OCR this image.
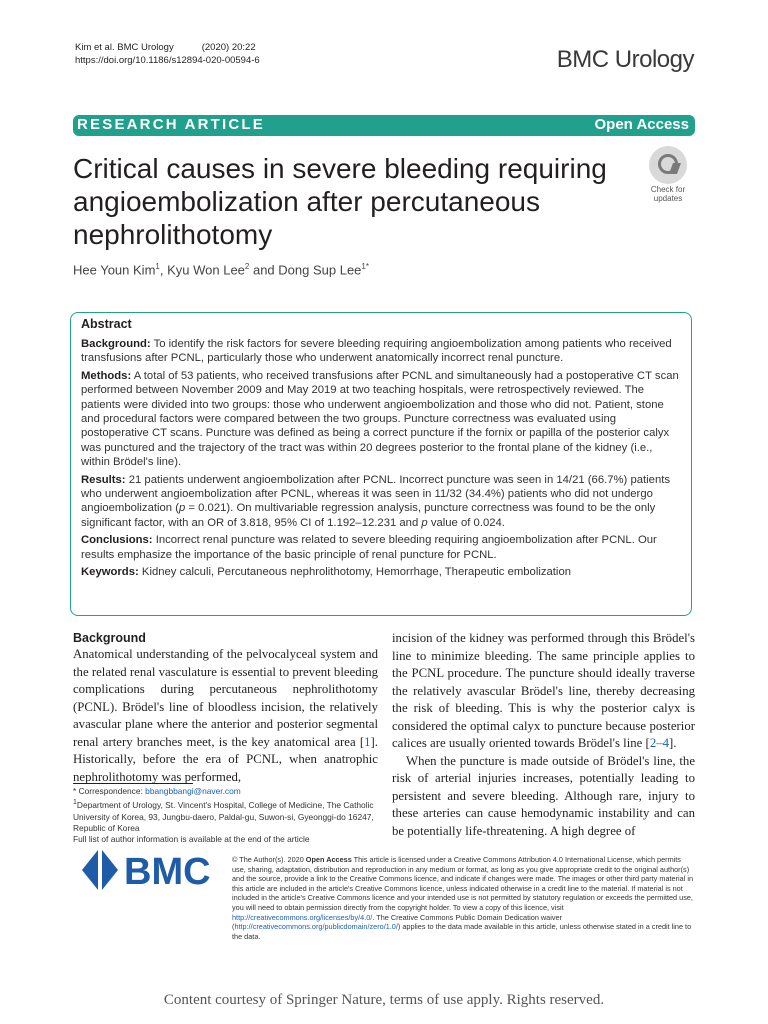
Kim et al. BMC Urology	(2020) 20:22
https://doi.org/10.1186/s12894-020-00594-6	BMC Urology
RESEARCH ARTICLE	Open Access
Critical causes in severe bleeding requiring angioembolization after percutaneous nephrolithotomy
Check for
updates
Hee Youn Kim$^1$, Kyu Won Lee$^2$ and Dong Sup Lee$^{1*}$
Abstract

Background: To identify the risk factors for severe bleeding requiring angioembolization among patients who received transfusions after PCNL, particularly those who underwent anatomically incorrect renal puncture.

Methods: A total of 53 patients, who received transfusions after PCNL and simultaneously had a postoperative CT scan performed between November 2009 and May 2019 at two teaching hospitals, were retrospectively reviewed. The patients were divided into two groups: those who underwent angioembolization and those who did not. Patient, stone and procedural factors were compared between the two groups. Puncture correctness was evaluated using postoperative CT scans. Puncture was defined as being a correct puncture if the fornix or papilla of the posterior calyx was punctured and the trajectory of the tract was within 20 degrees posterior to the frontal plane of the kidney (i.e., within Brödel's line).

Results: 21 patients underwent angioembolization after PCNL. Incorrect puncture was seen in 14/21 (66.7%) patients who underwent angioembolization after PCNL, whereas it was seen in 11/32 (34.4%) patients who did not undergo angioembolization (p = 0.021). On multivariable regression analysis, puncture correctness was found to be the only significant factor, with an OR of 3.818, 95% CI of 1.192–12.231 and p value of 0.024.

Conclusions: Incorrect renal puncture was related to severe bleeding requiring angioembolization after PCNL. Our results emphasize the importance of the basic principle of renal puncture for PCNL.

Keywords: Kidney calculi, Percutaneous nephrolithotomy, Hemorrhage, Therapeutic embolization

Background

Anatomical understanding of the pelvocalyceal system and the related renal vasculature is essential to prevent bleeding complications during percutaneous nephrolithotomy (PCNL). Brödel's line of bloodless incision, the relatively avascular plane where the anterior and posterior segmental renal artery branches meet, is the key anatomical area [1]. Historically, before the era of PCNL, when anatrophic nephrolithotomy was performed,

incision of the kidney was performed through this Brödel's line to minimize bleeding. The same principle applies to the PCNL procedure. The puncture should ideally traverse the relatively avascular Brödel's line, thereby decreasing the risk of bleeding. This is why the posterior calyx is considered the optimal calyx to puncture because posterior calices are usually oriented towards Brödel's line [2–4].

When the puncture is made outside of Brödel's line, the risk of arterial injuries increases, potentially leading to persistent and severe bleeding. Although rare, injury to these arteries can cause hemodynamic instability and can be potentially life-threatening. A high degree of

* Correspondence: bbangbbangi@naver.com
$^1$Department of Urology, St. Vincent's Hospital, College of Medicine, The Catholic University of Korea, 93, Jungbu-daero, Paldal-gu, Suwon-si, Gyeonggi-do 16247, Republic of Korea
Full list of author information is available at the end of the article
BMC	© The Author(s). 2020 Open Access This article is licensed under a Creative Commons Attribution 4.0 International License, which permits use, sharing, adaptation, distribution and reproduction in any medium or format, as long as you give appropriate credit to the original author(s) and the source, provide a link to the Creative Commons licence, and indicate if changes were made. The images or other third party material in this article are included in the article's Creative Commons licence, unless indicated otherwise in a credit line to the material. If material is not included in the article's Creative Commons licence and your intended use is not permitted by statutory regulation or exceeds the permitted use, you will need to obtain permission directly from the copyright holder. To view a copy of this licence, visit http://creativecommons.org/licenses/by/4.0/. The Creative Commons Public Domain Dedication waiver (http://creativecommons.org/publicdomain/zero/1.0/) applies to the data made available in this article, unless otherwise stated in a credit line to the data.
Content courtesy of Springer Nature, terms of use apply. Rights reserved.
